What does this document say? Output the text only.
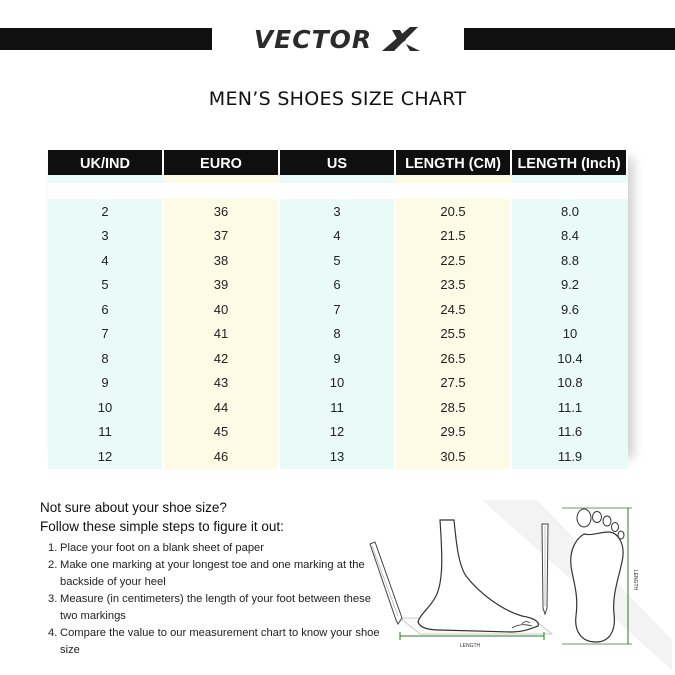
VECTOR
MEN’S SHOES SIZE CHART
UK/IND	EURO	US	LENGTH (CM)	LENGTH (Inch)
2	36	3	20.5	8.0
3	37	4	21.5	8.4
4	38	5	22.5	8.8
5	39	6	23.5	9.2
6	40	7	24.5	9.6
7	41	8	25.5	10
8	42	9	26.5	10.4
9	43	10	27.5	10.8
10	44	11	28.5	11.1
11	45	12	29.5	11.6
12	46	13	30.5	11.9
Not sure about your shoe size?
Follow these simple steps to figure it out:
1. Place your foot on a blank sheet of paper
2. Make one marking at your longest toe and one marking at the backside of your heel
3. Measure (in centimeters) the length of your foot between these two markings
4. Compare the value to our measurement chart to know your shoe size	LENGTH
LENGTH
